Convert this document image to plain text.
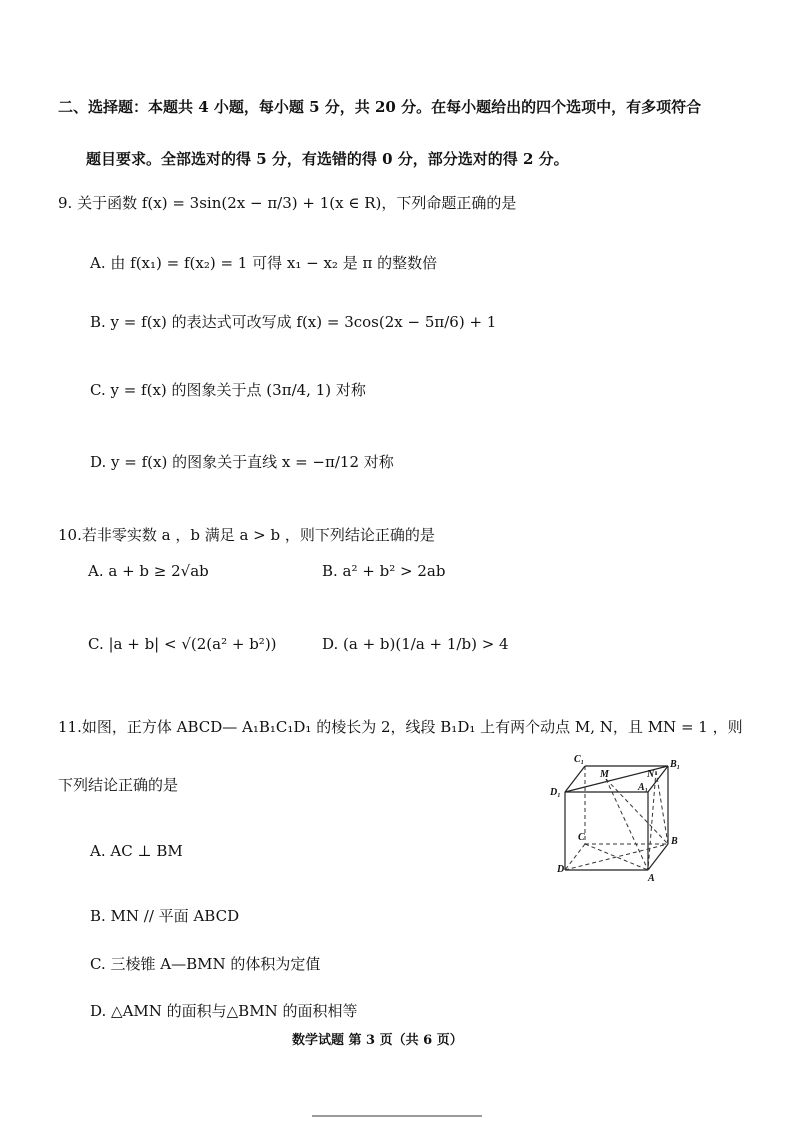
二、选择题：本题共 4 小题，每小题 5 分，共 20 分。在每小题给出的四个选项中，有多项符合
题目要求。全部选对的得 5 分，有选错的得 0 分，部分选对的得 2 分。
9. 关于函数 f(x) = 3sin(2x − π/3) + 1(x ∈ R)，下列命题正确的是
A. 由 f(x₁) = f(x₂) = 1 可得 x₁ − x₂ 是 π 的整数倍
B. y = f(x) 的表达式可改写成 f(x) = 3cos(2x − 5π/6) + 1
C. y = f(x) 的图象关于点 (3π/4, 1) 对称
D. y = f(x) 的图象关于直线 x = −π/12 对称
10.若非零实数 a ，b 满足 a > b ，则下列结论正确的是
A. a + b ≥ 2√ab	B. a² + b² > 2ab
C. |a + b| < √(2(a² + b²))	D. (a + b)(1/a + 1/b) > 4
11.如图，正方体 ABCD— A₁B₁C₁D₁ 的棱长为 2，线段 B₁D₁ 上有两个动点 M, N，且 MN = 1 ，则
下列结论正确的是
A. AC ⊥ BM
B. MN // 平面 ABCD
C. 三棱锥 A—BMN 的体积为定值
D. △AMN 的面积与△BMN 的面积相等
C₁
M	N
B₁
D₁	A₁
C	B
D
A
数学试题 第 3 页（共 6 页）
